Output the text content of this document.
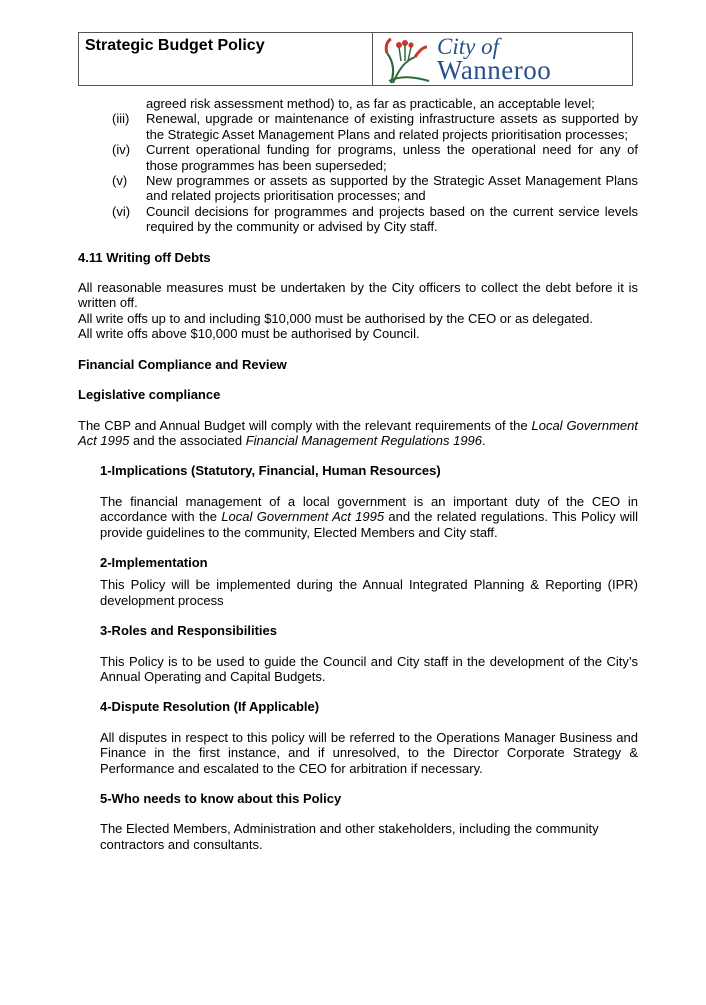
Strategic Budget Policy	City of
Wanneroo
agreed risk assessment method) to, as far as practicable, an acceptable level;
(iii)	Renewal, upgrade or maintenance of existing infrastructure assets as supported by the Strategic Asset Management Plans and related projects prioritisation processes;
(iv)	Current operational funding for programs, unless the operational need for any of those programmes has been superseded;
(v)	New programmes or assets as supported by the Strategic Asset Management Plans and related projects prioritisation processes; and
(vi)	Council decisions for programmes and projects based on the current service levels required by the community or advised by City staff.
4.11 Writing off Debts

All reasonable measures must be undertaken by the City officers to collect the debt before it is written off.

All write offs up to and including $10,000 must be authorised by the CEO or as delegated.

All write offs above $10,000 must be authorised by Council.

Financial Compliance and Review
Legislative compliance

The CBP and Annual Budget will comply with the relevant requirements of the Local Government Act 1995 and the associated Financial Management Regulations 1996.

1-Implications (Statutory, Financial, Human Resources)

The financial management of a local government is an important duty of the CEO in accordance with the Local Government Act 1995 and the related regulations. This Policy will provide guidelines to the community, Elected Members and City staff.

2-Implementation

This Policy will be implemented during the Annual Integrated Planning & Reporting (IPR) development process

3-Roles and Responsibilities

This Policy is to be used to guide the Council and City staff in the development of the City’s Annual Operating and Capital Budgets.

4-Dispute Resolution (If Applicable)

All disputes in respect to this policy will be referred to the Operations Manager Business and Finance in the first instance, and if unresolved, to the Director Corporate Strategy & Performance and escalated to the CEO for arbitration if necessary.

5-Who needs to know about this Policy

The Elected Members, Administration and other stakeholders, including the community contractors and consultants.
